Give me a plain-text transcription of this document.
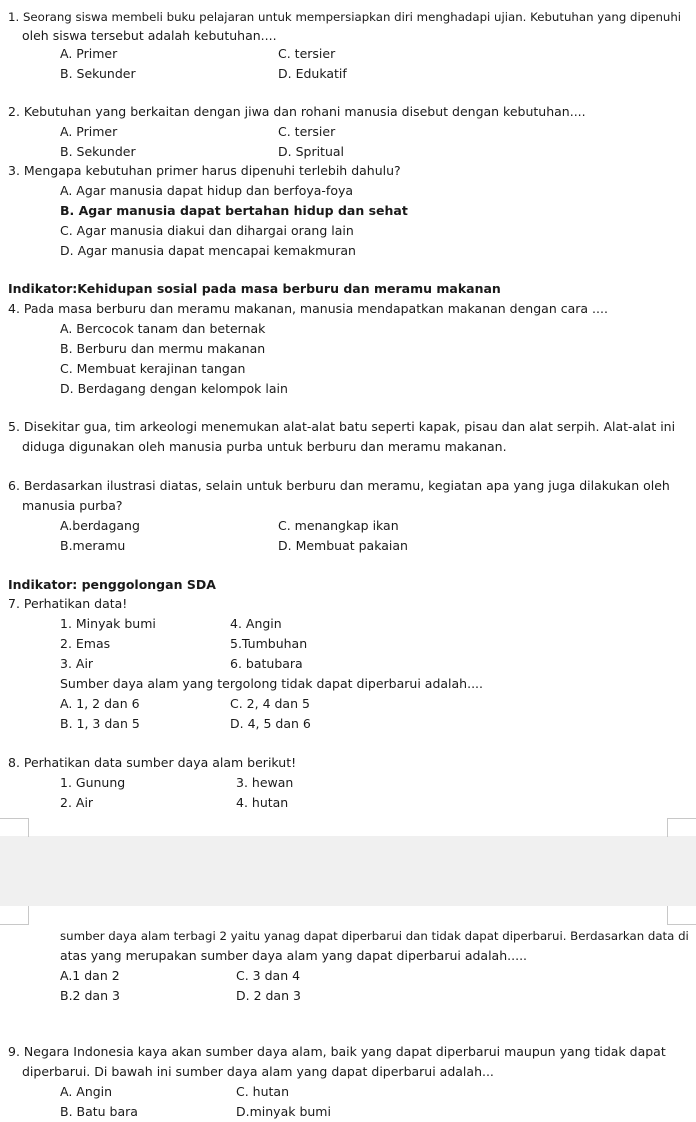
1. Seorang siswa membeli buku pelajaran untuk mempersiapkan diri menghadapi ujian. Kebutuhan yang dipenuhi
oleh siswa tersebut adalah kebutuhan....
A. Primer	C. tersier
B. Sekunder	D. Edukatif
2. Kebutuhan yang berkaitan dengan jiwa dan rohani manusia disebut dengan kebutuhan....
A. Primer	C. tersier
B. Sekunder	D. Spritual
3. Mengapa kebutuhan primer harus dipenuhi terlebih dahulu?
A. Agar manusia dapat hidup dan berfoya-foya
B. Agar manusia dapat bertahan hidup dan sehat
C. Agar manusia diakui dan dihargai orang lain
D. Agar manusia dapat mencapai kemakmuran
Indikator:Kehidupan sosial pada masa berburu dan meramu makanan
4. Pada masa berburu dan meramu makanan, manusia mendapatkan makanan dengan cara ....
A. Bercocok tanam dan beternak
B. Berburu dan mermu makanan
C. Membuat kerajinan tangan
D. Berdagang dengan kelompok lain
5. Disekitar gua, tim arkeologi menemukan alat-alat batu seperti kapak, pisau dan alat serpih. Alat-alat ini
diduga digunakan oleh manusia purba untuk berburu dan meramu makanan.
6. Berdasarkan ilustrasi diatas, selain untuk berburu dan meramu, kegiatan apa yang juga dilakukan oleh
manusia purba?
A.berdagang	C. menangkap ikan
B.meramu	D. Membuat pakaian
Indikator: penggolongan SDA
7. Perhatikan data!
1. Minyak bumi	4. Angin
2. Emas	5.Tumbuhan
3. Air	6. batubara
Sumber daya alam yang tergolong tidak dapat diperbarui adalah....
A. 1, 2 dan 6	C. 2, 4 dan 5
B. 1, 3 dan 5	D. 4, 5 dan 6
8. Perhatikan data sumber daya alam berikut!
1. Gunung	3. hewan
2. Air	4. hutan
sumber daya alam terbagi 2 yaitu yanag dapat diperbarui dan tidak dapat diperbarui. Berdasarkan data di
atas yang merupakan sumber daya alam yang dapat diperbarui adalah.....
A.1 dan 2	C. 3 dan 4
B.2 dan 3	D. 2 dan 3
9. Negara Indonesia kaya akan sumber daya alam, baik yang dapat diperbarui maupun yang tidak dapat
diperbarui. Di bawah ini sumber daya alam yang dapat diperbarui adalah...
A. Angin	C. hutan
B. Batu bara	D.minyak bumi
